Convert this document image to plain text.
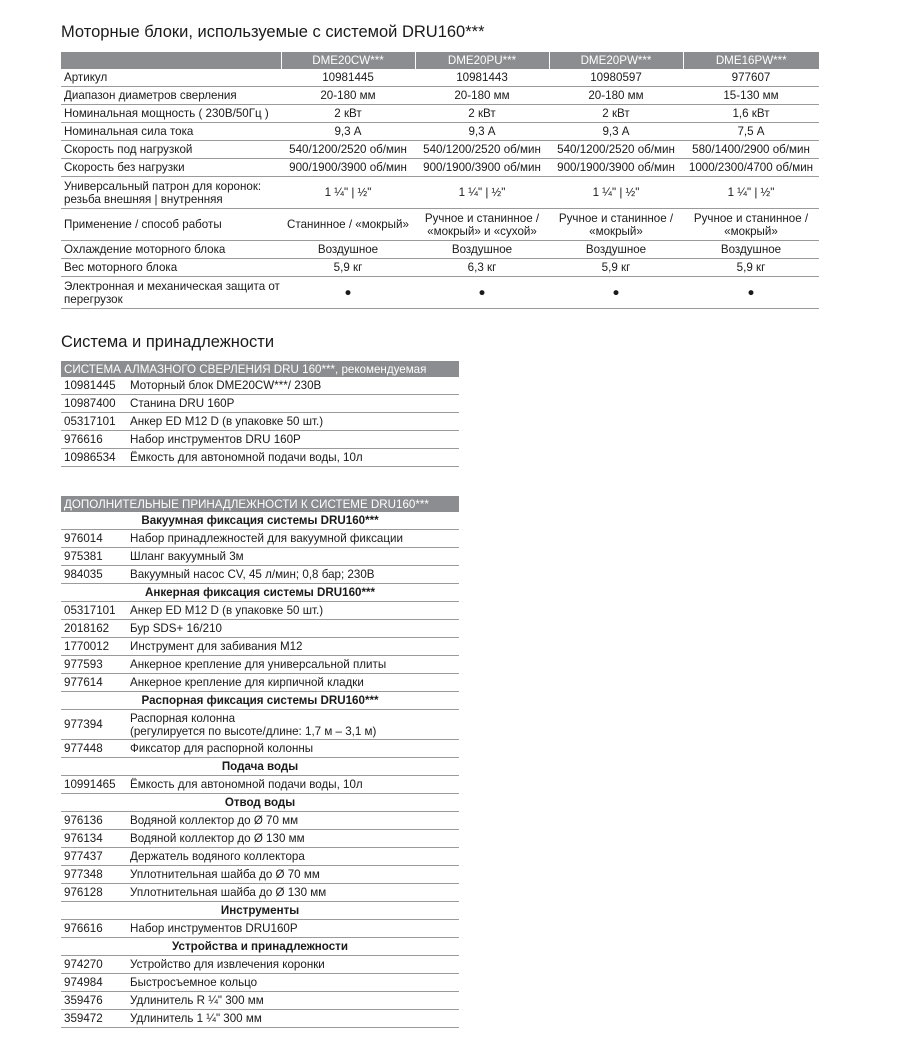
Моторные блоки, используемые с системой DRU160***
	DME20CW***	DME20PU***	DME20PW***	DME16PW***
Артикул	10981445	10981443	10980597	977607
Диапазон диаметров сверления	20-180 мм	20-180 мм	20-180 мм	15-130 мм
Номинальная мощность ( 230В/50Гц )	2 кВт	2 кВт	2 кВт	1,6 кВт
Номинальная сила тока	9,3 А	9,3 А	9,3 А	7,5 А
Скорость под нагрузкой	540/1200/2520 об/мин	540/1200/2520 об/мин	540/1200/2520 об/мин	580/1400/2900 об/мин
Скорость без нагрузки	900/1900/3900 об/мин	900/1900/3900 об/мин	900/1900/3900 об/мин	1000/2300/4700 об/мин
Универсальный патрон для коронок: резьба внешняя | внутренняя	1 ¼" | ½"	1 ¼" | ½"	1 ¼" | ½"	1 ¼" | ½"
Применение / способ работы	Станинное / «мокрый»	Ручное и станинное / «мокрый» и «сухой»	Ручное и станинное / «мокрый»	Ручное и станинное / «мокрый»
Охлаждение моторного блока	Воздушное	Воздушное	Воздушное	Воздушное
Вес моторного блока	5,9 кг	6,3 кг	5,9 кг	5,9 кг
Электронная и механическая защита от перегрузок	●	●	●	●
Система и принадлежности
СИСТЕМА АЛМАЗНОГО СВЕРЛЕНИЯ DRU 160***, рекомендуемая	
10981445	Моторный блок DME20CW***/ 230В
10987400	Станина DRU 160P
05317101	Анкер ED M12 D (в упаковке 50 шт.)
976616	Набор инструментов DRU 160P
10986534	Ёмкость для автономной подачи воды, 10л
ДОПОЛНИТЕЛЬНЫЕ ПРИНАДЛЕЖНОСТИ К СИСТЕМЕ DRU160***	
Вакуумная фиксация системы DRU160***	
976014	Набор принадлежностей для вакуумной фиксации
975381	Шланг вакуумный 3м
984035	Вакуумный насос CV, 45 л/мин; 0,8 бар; 230В
Анкерная фиксация системы DRU160***	
05317101	Анкер ED M12 D (в упаковке 50 шт.)
2018162	Бур SDS+ 16/210
1770012	Инструмент для забивания M12
977593	Анкерное крепление для универсальной плиты
977614	Анкерное крепление для кирпичной кладки
Распорная фиксация системы DRU160***	
977394	Распорная колонна
(регулируется по высоте/длине: 1,7 м – 3,1 м)
977448	Фиксатор для распорной колонны
Подача воды	
10991465	Ёмкость для автономной подачи воды, 10л
Отвод воды	
976136	Водяной коллектор до Ø 70 мм
976134	Водяной коллектор до Ø 130 мм
977437	Держатель водяного коллектора
977348	Уплотнительная шайба до Ø 70 мм
976128	Уплотнительная шайба до Ø 130 мм
Инструменты	
976616	Набор инструментов DRU160P
Устройства и принадлежности	
974270	Устройство для извлечения коронки
974984	Быстросъемное кольцо
359476	Удлинитель R ¼" 300 мм
359472	Удлинитель 1 ¼" 300 мм
